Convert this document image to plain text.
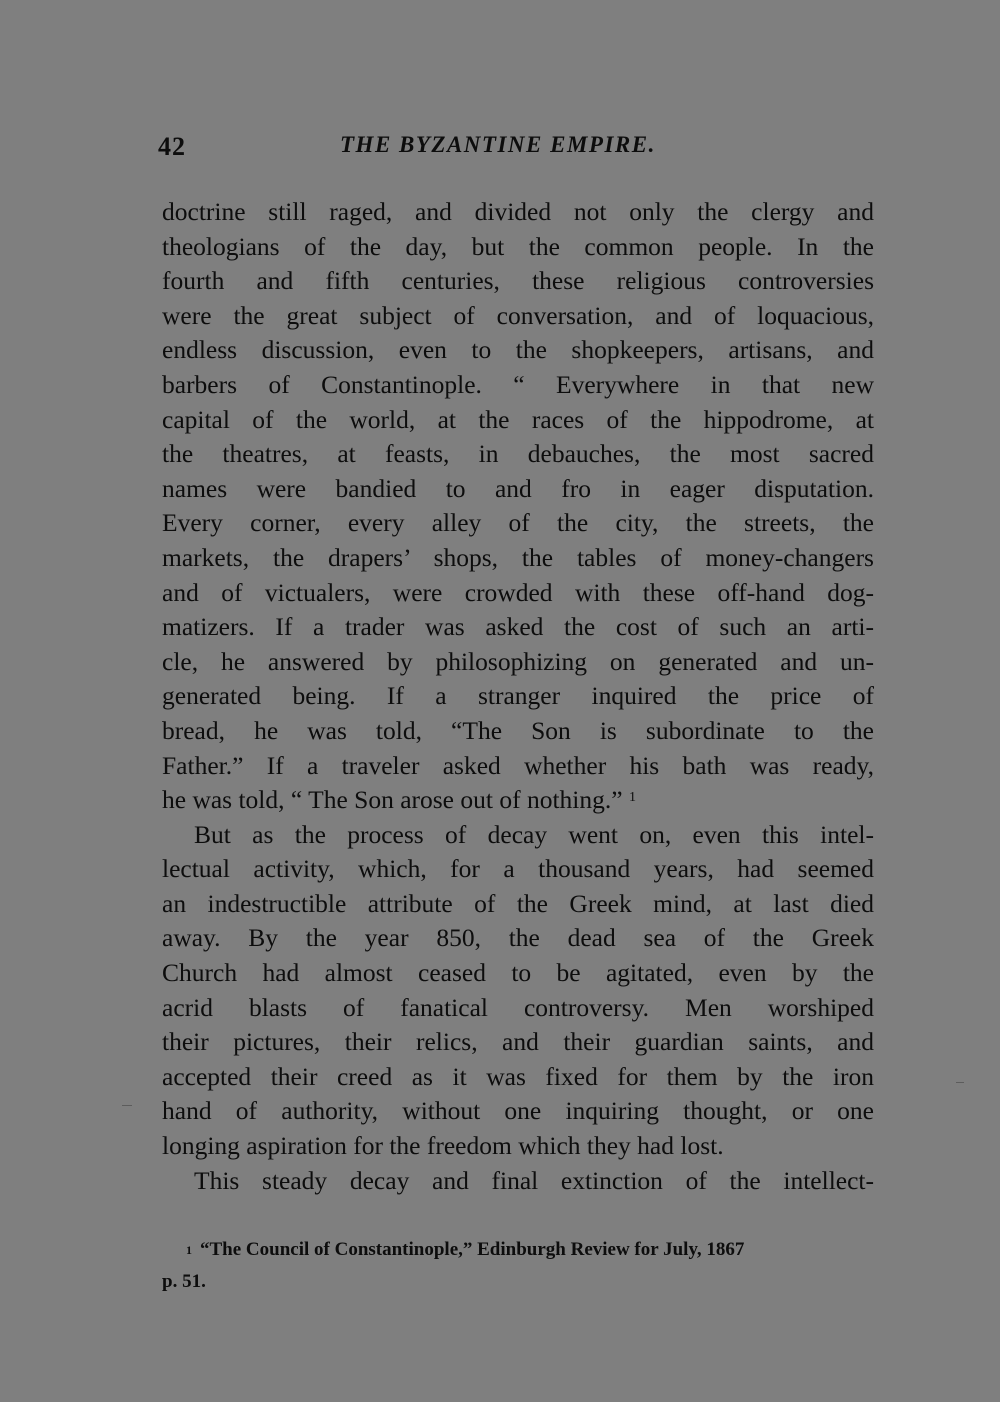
42	THE BYZANTINE EMPIRE.
doctrine still raged, and divided not only the clergy and
theologians of the day, but the common people. In the
fourth and fifth centuries, these religious controversies
were the great subject of conversation, and of loquacious,
endless discussion, even to the shopkeepers, artisans, and
barbers of Constantinople. “ Everywhere in that new
capital of the world, at the races of the hippodrome, at
the theatres, at feasts, in debauches, the most sacred
names were bandied to and fro in eager disputation.
Every corner, every alley of the city, the streets, the
markets, the drapers’ shops, the tables of money-changers
and of victualers, were crowded with these off-hand dog-
matizers. If a trader was asked the cost of such an arti-
cle, he answered by philosophizing on generated and un-
generated being. If a stranger inquired the price of
bread, he was told, “The Son is subordinate to the
Father.” If a traveler asked whether his bath was ready,
he was told, “ The Son arose out of nothing.” $^1$
But as the process of decay went on, even this intel-
lectual activity, which, for a thousand years, had seemed
an indestructible attribute of the Greek mind, at last died
away. By the year 850, the dead sea of the Greek
Church had almost ceased to be agitated, even by the
acrid blasts of fanatical controversy. Men worshiped
their pictures, their relics, and their guardian saints, and
accepted their creed as it was fixed for them by the iron
hand of authority, without one inquiring thought, or one
longing aspiration for the freedom which they had lost.
This steady decay and final extinction of the intellect-
$^1$ “The Council of Constantinople,” Edinburgh Review for July, 1867
p. 51.
